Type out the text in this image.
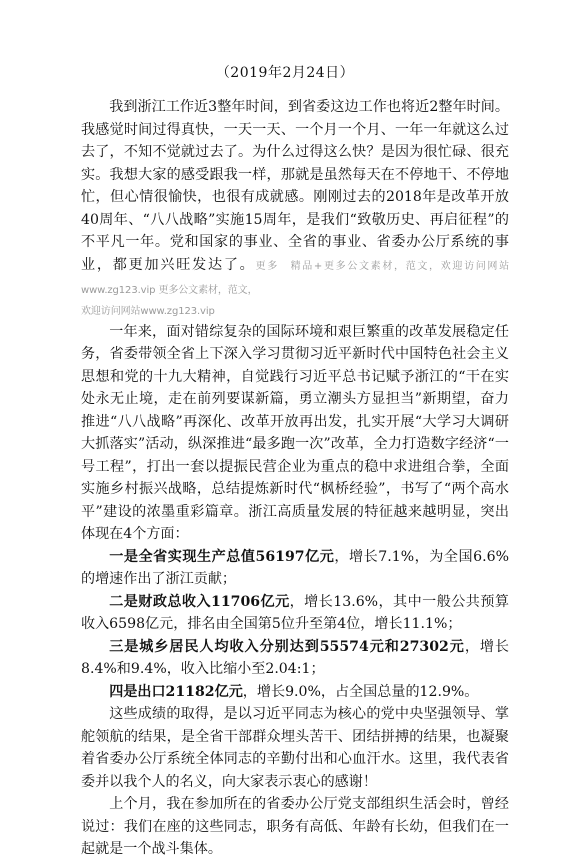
（2019年2月24日）

我到浙江工作近3整年时间，到省委这边工作也将近2整年时间。我感觉时间过得真快，一天一天、一个月一个月、一年一年就这么过去了，不知不觉就过去了。为什么过得这么快？是因为很忙碌、很充实。我想大家的感受跟我一样，那就是虽然每天在不停地干、不停地忙，但心情很愉快，也很有成就感。刚刚过去的2018年是改革开放40周年、“八八战略”实施15周年，是我们“致敬历史、再启征程”的不平凡一年。党和国家的事业、全省的事业、省委办公厅系统的事业，都更加兴旺发达了。更多　精品+更多公文素材，范文，欢迎访问网站www.zg123.vip 更多公文素材，范文，
欢迎访问网站www.zg123.vip

一年来，面对错综复杂的国际环境和艰巨繁重的改革发展稳定任务，省委带领全省上下深入学习贯彻习近平新时代中国特色社会主义思想和党的十九大精神，自觉践行习近平总书记赋予浙江的“干在实处永无止境，走在前列要谋新篇，勇立潮头方显担当”新期望，奋力推进“八八战略”再深化、改革开放再出发，扎实开展“大学习大调研大抓落实”活动，纵深推进“最多跑一次”改革，全力打造数字经济“一号工程”，打出一套以提振民营企业为重点的稳中求进组合拳，全面实施乡村振兴战略，总结提炼新时代“枫桥经验”，书写了“两个高水平”建设的浓墨重彩篇章。浙江高质量发展的特征越来越明显，突出体现在4个方面：

一是全省实现生产总值56197亿元，增长7.1%，为全国6.6%的增速作出了浙江贡献；

二是财政总收入11706亿元，增长13.6%，其中一般公共预算收入6598亿元，排名由全国第5位升至第4位，增长11.1%；

三是城乡居民人均收入分别达到55574元和27302元，增长8.4%和9.4%，收入比缩小至2.04:1；

四是出口21182亿元，增长9.0%，占全国总量的12.9%。

这些成绩的取得，是以习近平同志为核心的党中央坚强领导、掌舵领航的结果，是全省干部群众埋头苦干、团结拼搏的结果，也凝聚着省委办公厅系统全体同志的辛勤付出和心血汗水。这里，我代表省委并以我个人的名义，向大家表示衷心的感谢！

上个月，我在参加所在的省委办公厅党支部组织生活会时，曾经说过：我们在座的这些同志，职务有高低、年龄有长幼，但我们在一起就是一个战斗集体。
